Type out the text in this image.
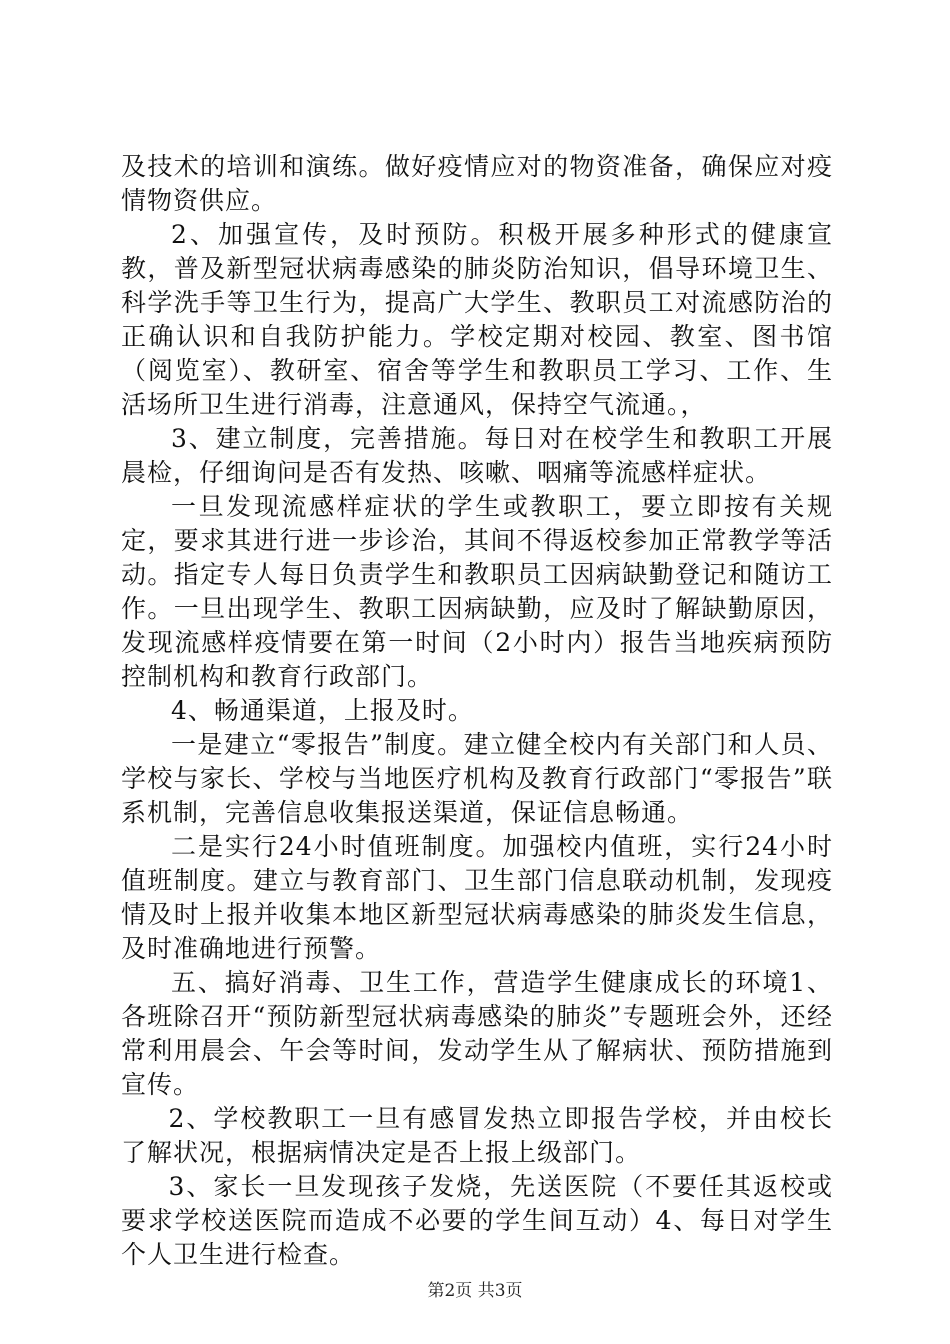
及技术的培训和演练。做好疫情应对的物资准备，确保应对疫情物资供应。

2、加强宣传，及时预防。积极开展多种形式的健康宣教，普及新型冠状病毒感染的肺炎防治知识，倡导环境卫生、科学洗手等卫生行为，提高广大学生、教职员工对流感防治的正确认识和自我防护能力。学校定期对校园、教室、图书馆（阅览室）、教研室、宿舍等学生和教职员工学习、工作、生活场所卫生进行消毒，注意通风，保持空气流通。，

3、建立制度，完善措施。每日对在校学生和教职工开展晨检，仔细询问是否有发热、咳嗽、咽痛等流感样症状。

一旦发现流感样症状的学生或教职工，要立即按有关规定，要求其进行进一步诊治，其间不得返校参加正常教学等活动。指定专人每日负责学生和教职员工因病缺勤登记和随访工作。一旦出现学生、教职工因病缺勤，应及时了解缺勤原因，发现流感样疫情要在第一时间（2小时内）报告当地疾病预防控制机构和教育行政部门。

4、畅通渠道，上报及时。

一是建立“零报告”制度。建立健全校内有关部门和人员、学校与家长、学校与当地医疗机构及教育行政部门“零报告”联系机制，完善信息收集报送渠道，保证信息畅通。

二是实行24小时值班制度。加强校内值班，实行24小时值班制度。建立与教育部门、卫生部门信息联动机制，发现疫情及时上报并收集本地区新型冠状病毒感染的肺炎发生信息，及时准确地进行预警。

五、搞好消毒、卫生工作，营造学生健康成长的环境1、各班除召开“预防新型冠状病毒感染的肺炎”专题班会外，还经常利用晨会、午会等时间，发动学生从了解病状、预防措施到宣传。

2、学校教职工一旦有感冒发热立即报告学校，并由校长了解状况，根据病情决定是否上报上级部门。

3、家长一旦发现孩子发烧，先送医院（不要任其返校或要求学校送医院而造成不必要的学生间互动）4、每日对学生个人卫生进行检查。

第2页 共3页
